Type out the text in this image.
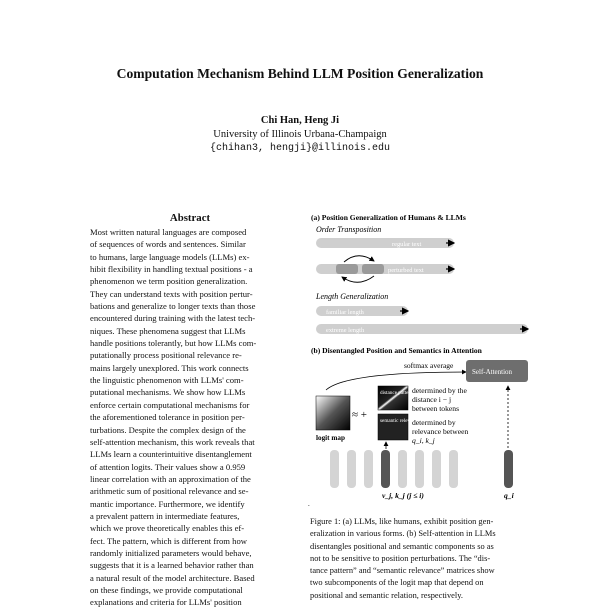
Computation Mechanism Behind LLM Position Generalization
Chi Han, Heng Ji
University of Illinois Urbana-Champaign
{chihan3, hengji}@illinois.edu
Abstract
Most written natural languages are composed
of sequences of words and sentences. Similar
to humans, large language models (LLMs) ex-
hibit flexibility in handling textual positions - a
phenomenon we term position generalization.
They can understand texts with position pertur-
bations and generalize to longer texts than those
encountered during training with the latest tech-
niques. These phenomena suggest that LLMs
handle positions tolerantly, but how LLMs com-
putationally process positional relevance re-
mains largely unexplored. This work connects
the linguistic phenomenon with LLMs' com-
putational mechanisms. We show how LLMs
enforce certain computational mechanisms for
the aforementioned tolerance in position per-
turbations. Despite the complex design of the
self-attention mechanism, this work reveals that
LLMs learn a counterintuitive disentanglement
of attention logits. Their values show a 0.959
linear correlation with an approximation of the
arithmetic sum of positional relevance and se-
mantic importance. Furthermore, we identify
a prevalent pattern in intermediate features,
which we prove theoretically enables this ef-
fect. The pattern, which is different from how
randomly initialized parameters would behave,
suggests that it is a learned behavior rather than
a natural result of the model architecture. Based
on these findings, we provide computational
explanations and criteria for LLMs' position
(a) Position Generalization of Humans & LLMs
Order Transposition
regular text
perturbed text
Length Generalization
familiar length
extreme length
(b) Disentangled Position and Semantics in Attention
softmax average
Self-Attention
logit map
≈ +
distance pattern
semantic relevance
determined by the
distance i − j
between tokens
determined by
relevance between
q_i, k_j
v_j, k_j (j ≤ i)	q_i
.
Figure 1: (a) LLMs, like humans, exhibit position gen-
eralization in various forms. (b) Self-attention in LLMs
disentangles positional and semantic components so as
not to be sensitive to position perturbations. The “dis-
tance pattern” and “semantic relevance” matrices show
two subcomponents of the logit map that depend on
positional and semantic relation, respectively.
